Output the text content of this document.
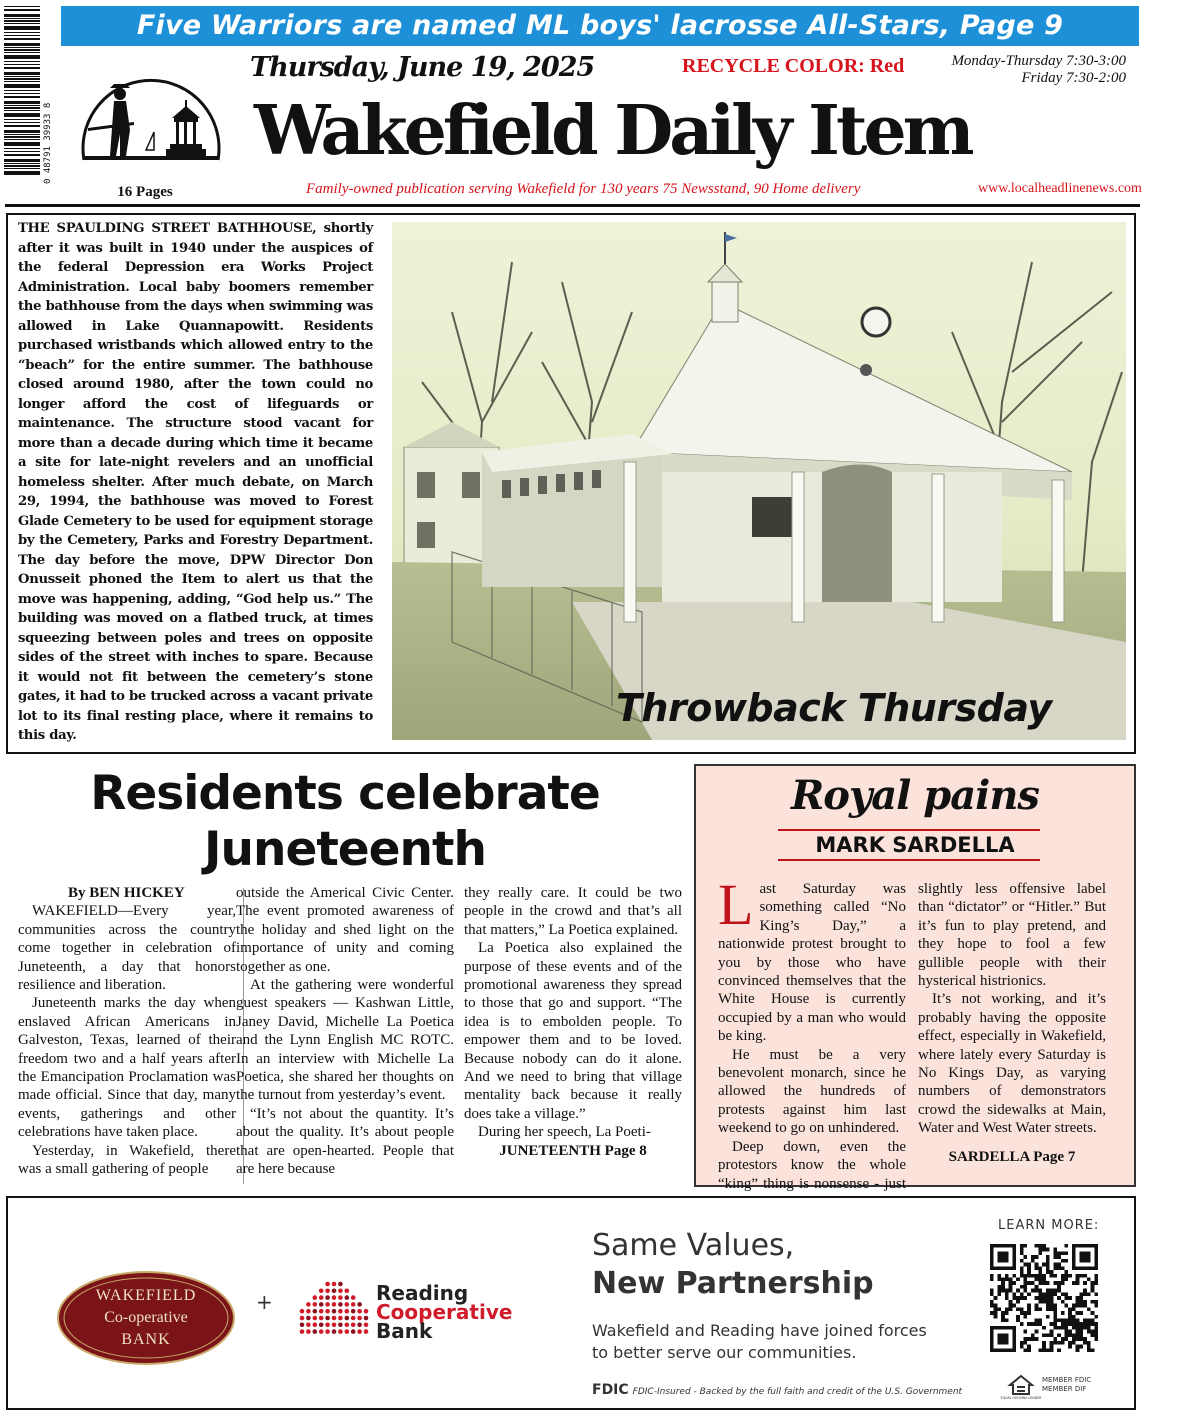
Five Warriors are named ML boys' lacrosse All-Stars, Page 9
0 48791 39933 8
16 Pages
Thursday, June 19, 2025	RECYCLE COLOR: Red	Monday-Thursday 7:30-3:00
Friday 7:30-2:00
Wakefield Daily Item
Family-owned publication serving Wakefield for 130 years 75 Newsstand, 90 Home delivery	www.localheadlinenews.com
THE SPAULDING STREET BATHHOUSE, shortly after it was built in 1940 under the auspices of the federal Depression era Works Project Administration. Local baby boomers remember the bathhouse from the days when swimming was allowed in Lake Quannapowitt. Residents purchased wristbands which allowed entry to the “beach” for the entire summer. The bathhouse closed around 1980, after the town could no longer afford the cost of lifeguards or maintenance. The structure stood vacant for more than a decade during which time it became a site for late-night revelers and an unofficial homeless shelter. After much debate, on March 29, 1994, the bathhouse was moved to Forest Glade Cemetery to be used for equipment storage by the Cemetery, Parks and Forestry Department. The day before the move, DPW Director Don Onusseit phoned the Item to alert us that the move was happening, adding, “God help us.” The building was moved on a flatbed truck, at times squeezing between poles and trees on opposite sides of the street with inches to spare. Because it would not fit between the cemetery’s stone gates, it had to be trucked across a vacant private lot to its final resting place, where it remains to this day.
Throwback Thursday
Residents celebrate
Juneteenth

By BEN HICKEY

WAKEFIELD—Every year, communities across the country come together in celebration of Juneteenth, a day that honors resilience and liberation.

Juneteenth marks the day when enslaved African Americans in Galveston, Texas, learned of their freedom two and a half years after the Emancipation Proclamation was made official. Since that day, many events, gatherings and other celebrations have taken place.

Yesterday, in Wakefield, there was a small gathering of people

outside the Americal Civic Center. The event promoted awareness of the holiday and shed light on the importance of unity and coming together as one.

At the gathering were wonderful guest speakers — Kashwan Little, Janey David, Michelle La Poetica and the Lynn English MC ROTC. In an interview with Michelle La Poetica, she shared her thoughts on the turnout from yesterday’s event.

“It’s not about the quantity. It’s about the quality. It’s about people that are open-hearted. People that are here because

they really care. It could be two people in the crowd and that’s all that matters,” La Poetica explained.

La Poetica also explained the purpose of these events and of the promotional awareness they spread to those that go and support. “The idea is to embolden people. To empower them and to be loved. Because nobody can do it alone. And we need to bring that village mentality back because it really does take a village.”

During her speech, La Poeti-

JUNETEENTH Page 8

Royal pains
MARK SARDELLA

Last Saturday was something called “No King’s Day,” a nationwide protest brought to you by those who have convinced themselves that the White House is currently occupied by a man who would be king.

He must be a very benevolent monarch, since he allowed the hundreds of protests against him last weekend to go on unhindered.

Deep down, even the protestors know the whole “king” thing is nonsense - just

slightly less offensive label than “dictator” or “Hitler.” But it’s fun to play pretend, and they hope to fool a few gullible people with their hysterical histrionics.

It’s not working, and it’s probably having the opposite effect, especially in Wakefield, where lately every Saturday is No Kings Day, as varying numbers of demonstrators crowd the sidewalks at Main, Water and West Water streets.

SARDELLA Page 7

WAKEFIELD
Co-operative
BANK
+	Reading
Cooperative
Bank
Same Values,
New Partnership
Wakefield and Reading have joined forces to better serve our communities.
FDIC FDIC-Insured - Backed by the full faith and credit of the U.S. Government
LEARN MORE:
EQUAL HOUSING LENDER
MEMBER FDIC
MEMBER DIF
